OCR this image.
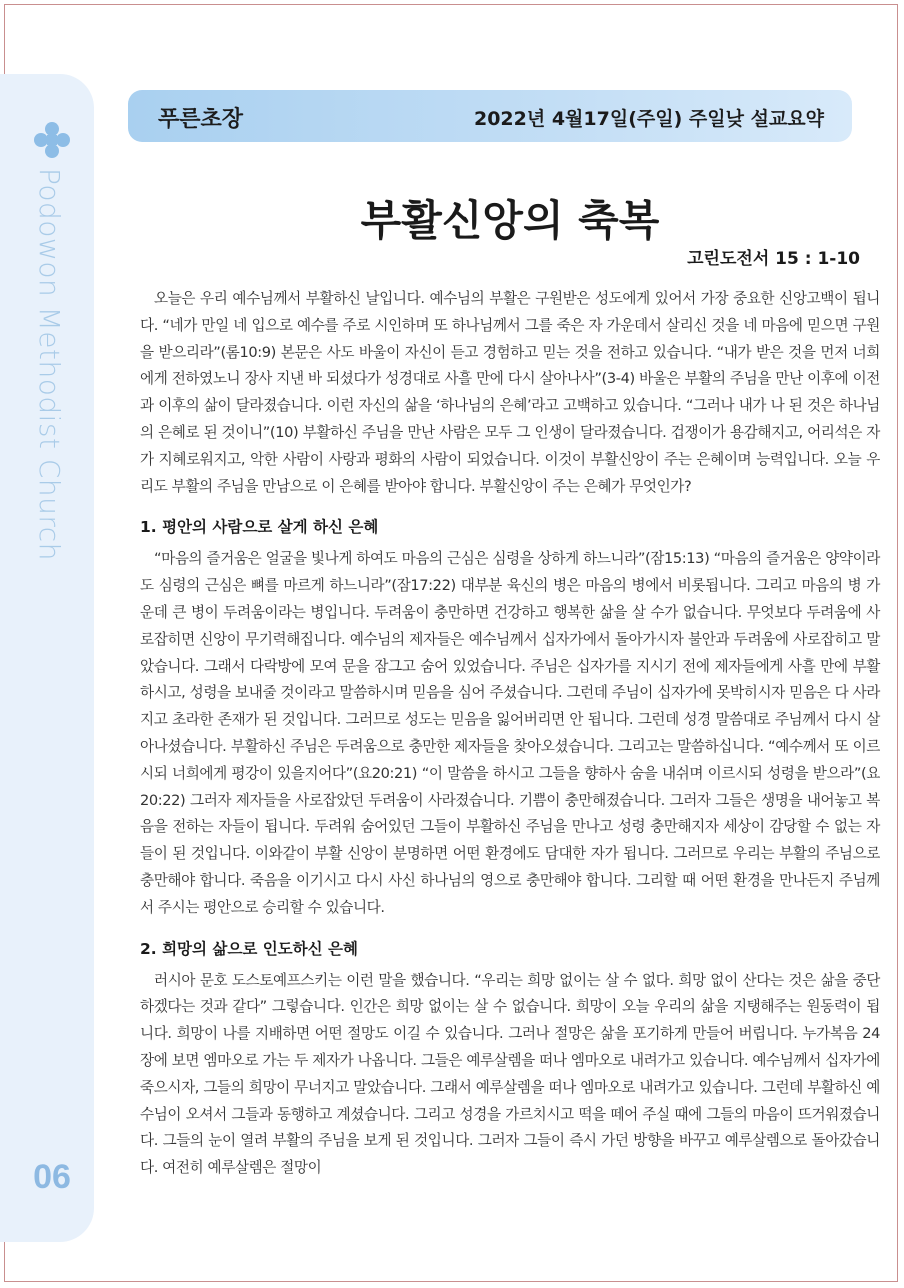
Podowon Methodist Church
06
푸른초장	2022년 4월17일(주일) 주일낮 설교요약
부활신앙의 축복
고린도전서 15 : 1-10

오늘은 우리 예수님께서 부활하신 날입니다. 예수님의 부활은 구원받은 성도에게 있어서 가장 중요한 신앙고백이 됩니다. “네가 만일 네 입으로 예수를 주로 시인하며 또 하나님께서 그를 죽은 자 가운데서 살리신 것을 네 마음에 믿으면 구원을 받으리라”(롬10:9) 본문은 사도 바울이 자신이 듣고 경험하고 믿는 것을 전하고 있습니다. “내가 받은 것을 먼저 너희에게 전하였노니 장사 지낸 바 되셨다가 성경대로 사흘 만에 다시 살아나사”(3-4) 바울은 부활의 주님을 만난 이후에 이전과 이후의 삶이 달라졌습니다. 이런 자신의 삶을 ‘하나님의 은혜’라고 고백하고 있습니다. “그러나 내가 나 된 것은 하나님의 은혜로 된 것이니”(10) 부활하신 주님을 만난 사람은 모두 그 인생이 달라졌습니다. 겁쟁이가 용감해지고, 어리석은 자가 지혜로워지고, 악한 사람이 사랑과 평화의 사람이 되었습니다. 이것이 부활신앙이 주는 은혜이며 능력입니다. 오늘 우리도 부활의 주님을 만남으로 이 은혜를 받아야 합니다. 부활신앙이 주는 은혜가 무엇인가?

1. 평안의 사람으로 살게 하신 은혜

“마음의 즐거움은 얼굴을 빛나게 하여도 마음의 근심은 심령을 상하게 하느니라”(잠15:13) “마음의 즐거움은 양약이라도 심령의 근심은 뼈를 마르게 하느니라”(잠17:22) 대부분 육신의 병은 마음의 병에서 비롯됩니다. 그리고 마음의 병 가운데 큰 병이 두려움이라는 병입니다. 두려움이 충만하면 건강하고 행복한 삶을 살 수가 없습니다. 무엇보다 두려움에 사로잡히면 신앙이 무기력해집니다. 예수님의 제자들은 예수님께서 십자가에서 돌아가시자 불안과 두려움에 사로잡히고 말았습니다. 그래서 다락방에 모여 문을 잠그고 숨어 있었습니다. 주님은 십자가를 지시기 전에 제자들에게 사흘 만에 부활하시고, 성령을 보내줄 것이라고 말씀하시며 믿음을 심어 주셨습니다. 그런데 주님이 십자가에 못박히시자 믿음은 다 사라지고 초라한 존재가 된 것입니다. 그러므로 성도는 믿음을 잃어버리면 안 됩니다. 그런데 성경 말씀대로 주님께서 다시 살아나셨습니다. 부활하신 주님은 두려움으로 충만한 제자들을 찾아오셨습니다. 그리고는 말씀하십니다. “예수께서 또 이르시되 너희에게 평강이 있을지어다”(요20:21) “이 말씀을 하시고 그들을 향하사 숨을 내쉬며 이르시되 성령을 받으라”(요20:22) 그러자 제자들을 사로잡았던 두려움이 사라졌습니다. 기쁨이 충만해졌습니다. 그러자 그들은 생명을 내어놓고 복음을 전하는 자들이 됩니다. 두려워 숨어있던 그들이 부활하신 주님을 만나고 성령 충만해지자 세상이 감당할 수 없는 자들이 된 것입니다. 이와같이 부활 신앙이 분명하면 어떤 환경에도 담대한 자가 됩니다. 그러므로 우리는 부활의 주님으로 충만해야 합니다. 죽음을 이기시고 다시 사신 하나님의 영으로 충만해야 합니다. 그리할 때 어떤 환경을 만나든지 주님께서 주시는 평안으로 승리할 수 있습니다.

2. 희망의 삶으로 인도하신 은혜

러시아 문호 도스토예프스키는 이런 말을 했습니다. “우리는 희망 없이는 살 수 없다. 희망 없이 산다는 것은 삶을 중단하겠다는 것과 같다” 그렇습니다. 인간은 희망 없이는 살 수 없습니다. 희망이 오늘 우리의 삶을 지탱해주는 원동력이 됩니다. 희망이 나를 지배하면 어떤 절망도 이길 수 있습니다. 그러나 절망은 삶을 포기하게 만들어 버립니다. 누가복음 24장에 보면 엠마오로 가는 두 제자가 나옵니다. 그들은 예루살렘을 떠나 엠마오로 내려가고 있습니다. 예수님께서 십자가에 죽으시자, 그들의 희망이 무너지고 말았습니다. 그래서 예루살렘을 떠나 엠마오로 내려가고 있습니다. 그런데 부활하신 예수님이 오셔서 그들과 동행하고 계셨습니다. 그리고 성경을 가르치시고 떡을 떼어 주실 때에 그들의 마음이 뜨거워졌습니다. 그들의 눈이 열려 부활의 주님을 보게 된 것입니다. 그러자 그들이 즉시 가던 방향을 바꾸고 예루살렘으로 돌아갔습니다. 여전히 예루살렘은 절망이
